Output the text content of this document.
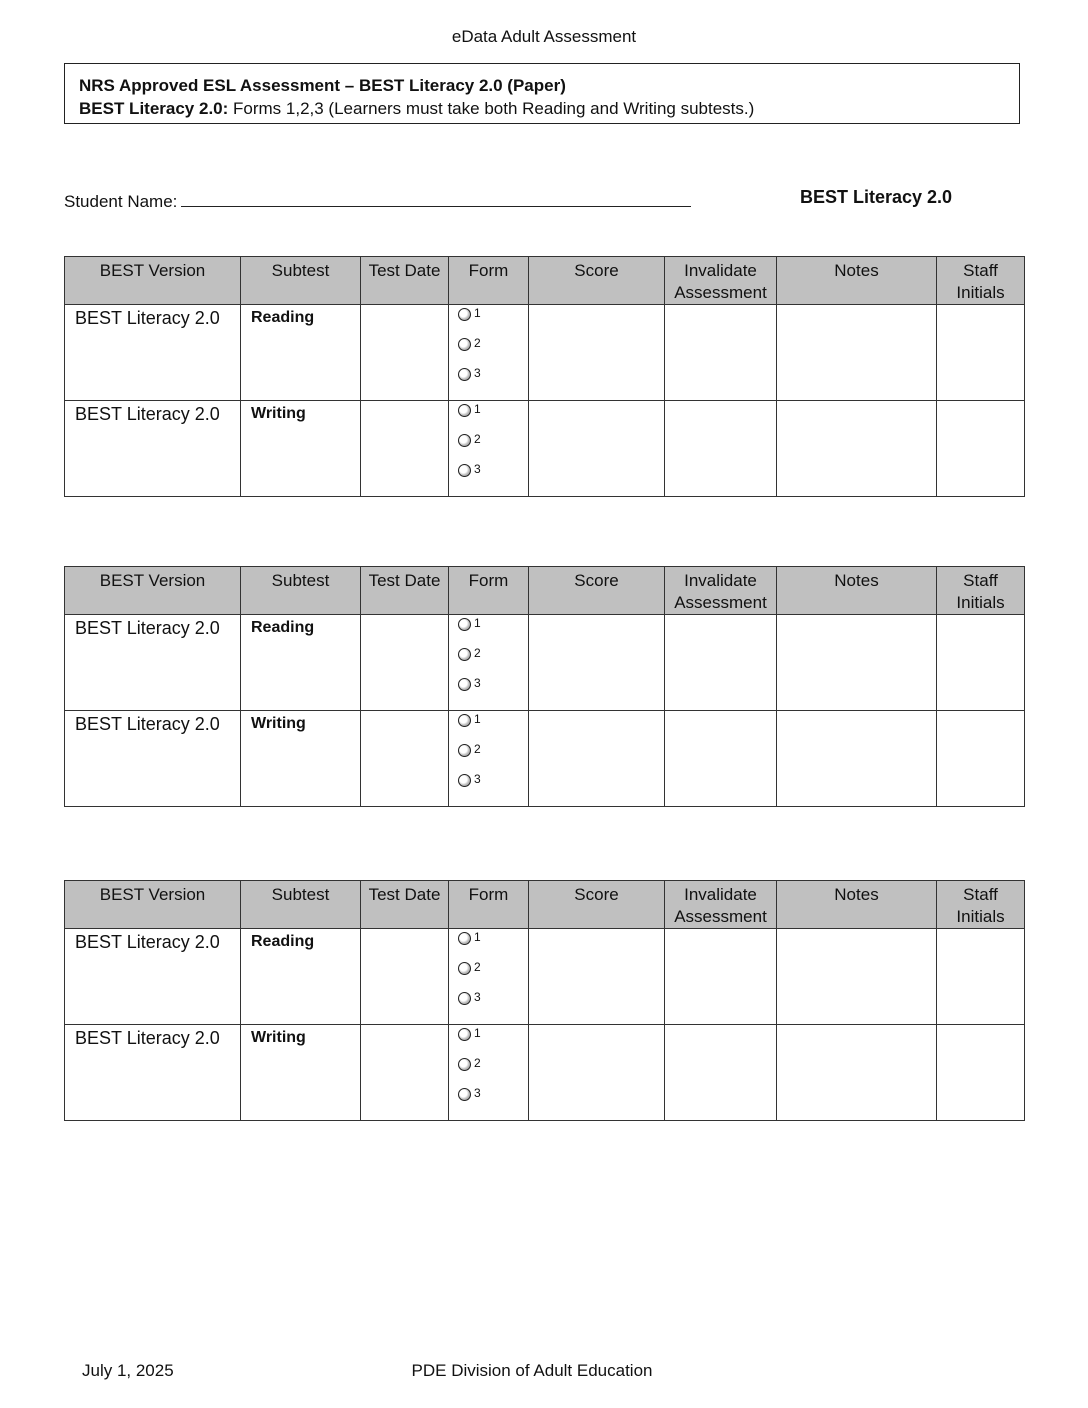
eData Adult Assessment
NRS Approved ESL Assessment – BEST Literacy 2.0 (Paper)
BEST Literacy 2.0: Forms 1,2,3 (Learners must take both Reading and Writing subtests.)
Student Name:	BEST Literacy 2.0
BEST Version	Subtest	Test Date	Form	Score	Invalidate Assessment	Notes	Staff Initials
BEST Literacy 2.0	Reading		1
2
3				

BEST Literacy 2.0	Writing		1
2
3				

BEST Version	Subtest	Test Date	Form	Score	Invalidate Assessment	Notes	Staff Initials
BEST Literacy 2.0	Reading		1
2
3				

BEST Literacy 2.0	Writing		1
2
3				

BEST Version	Subtest	Test Date	Form	Score	Invalidate Assessment	Notes	Staff Initials
BEST Literacy 2.0	Reading		1
2
3				

BEST Literacy 2.0	Writing		1
2
3				

July 1, 2025	PDE Division of Adult Education
